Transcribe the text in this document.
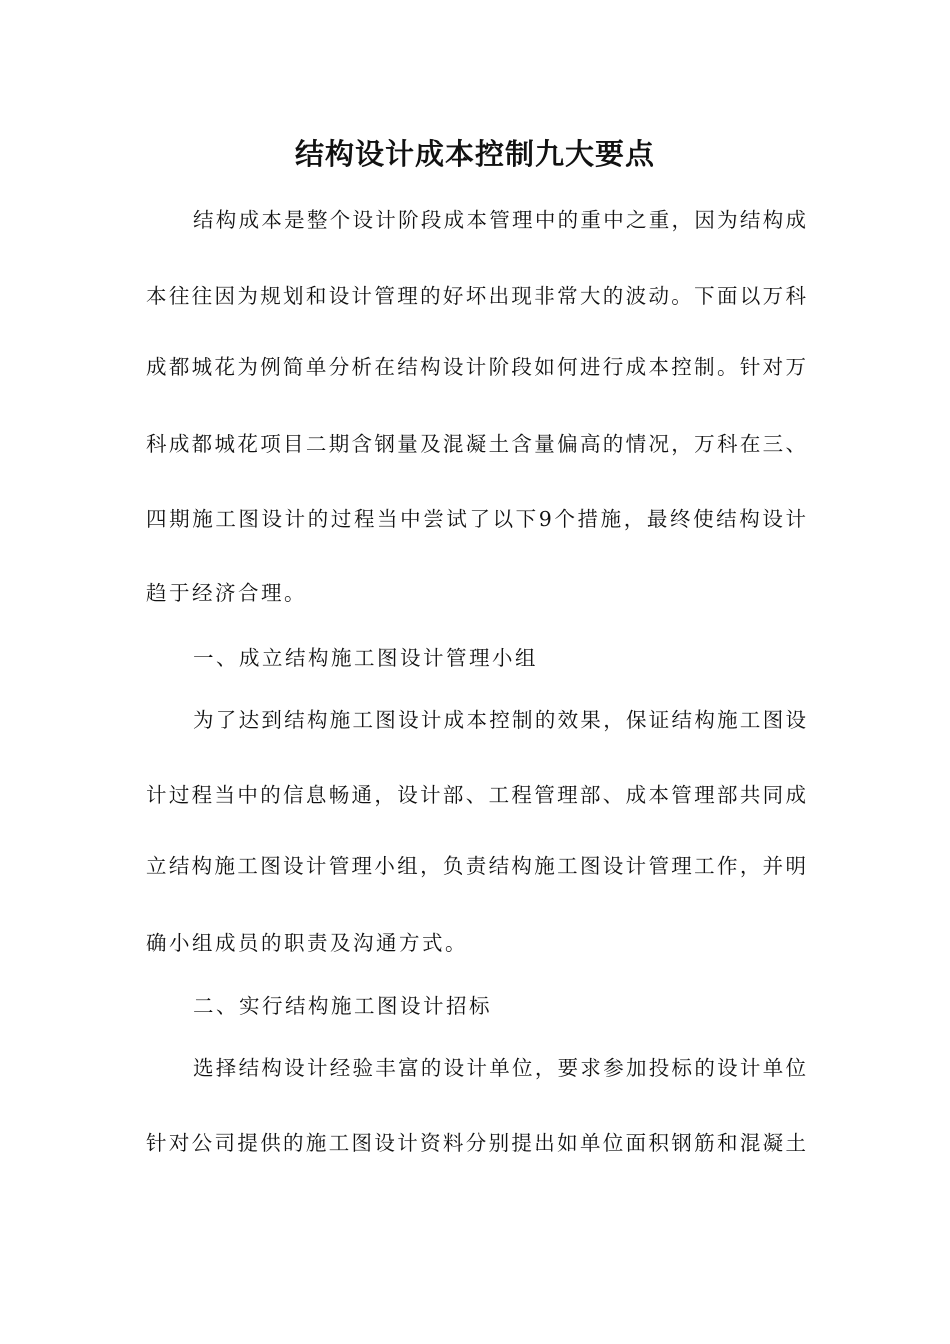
结构设计成本控制九大要点

结构成本是整个设计阶段成本管理中的重中之重，因为结构成

本往往因为规划和设计管理的好坏出现非常大的波动。下面以万科

成都城花为例简单分析在结构设计阶段如何进行成本控制。针对万

科成都城花项目二期含钢量及混凝土含量偏高的情况，万科在三、

四期施工图设计的过程当中尝试了以下9个措施，最终使结构设计

趋于经济合理。

一、成立结构施工图设计管理小组

为了达到结构施工图设计成本控制的效果，保证结构施工图设

计过程当中的信息畅通，设计部、工程管理部、成本管理部共同成

立结构施工图设计管理小组，负责结构施工图设计管理工作，并明

确小组成员的职责及沟通方式。

二、实行结构施工图设计招标

选择结构设计经验丰富的设计单位，要求参加投标的设计单位

针对公司提供的施工图设计资料分别提出如单位面积钢筋和混凝土
